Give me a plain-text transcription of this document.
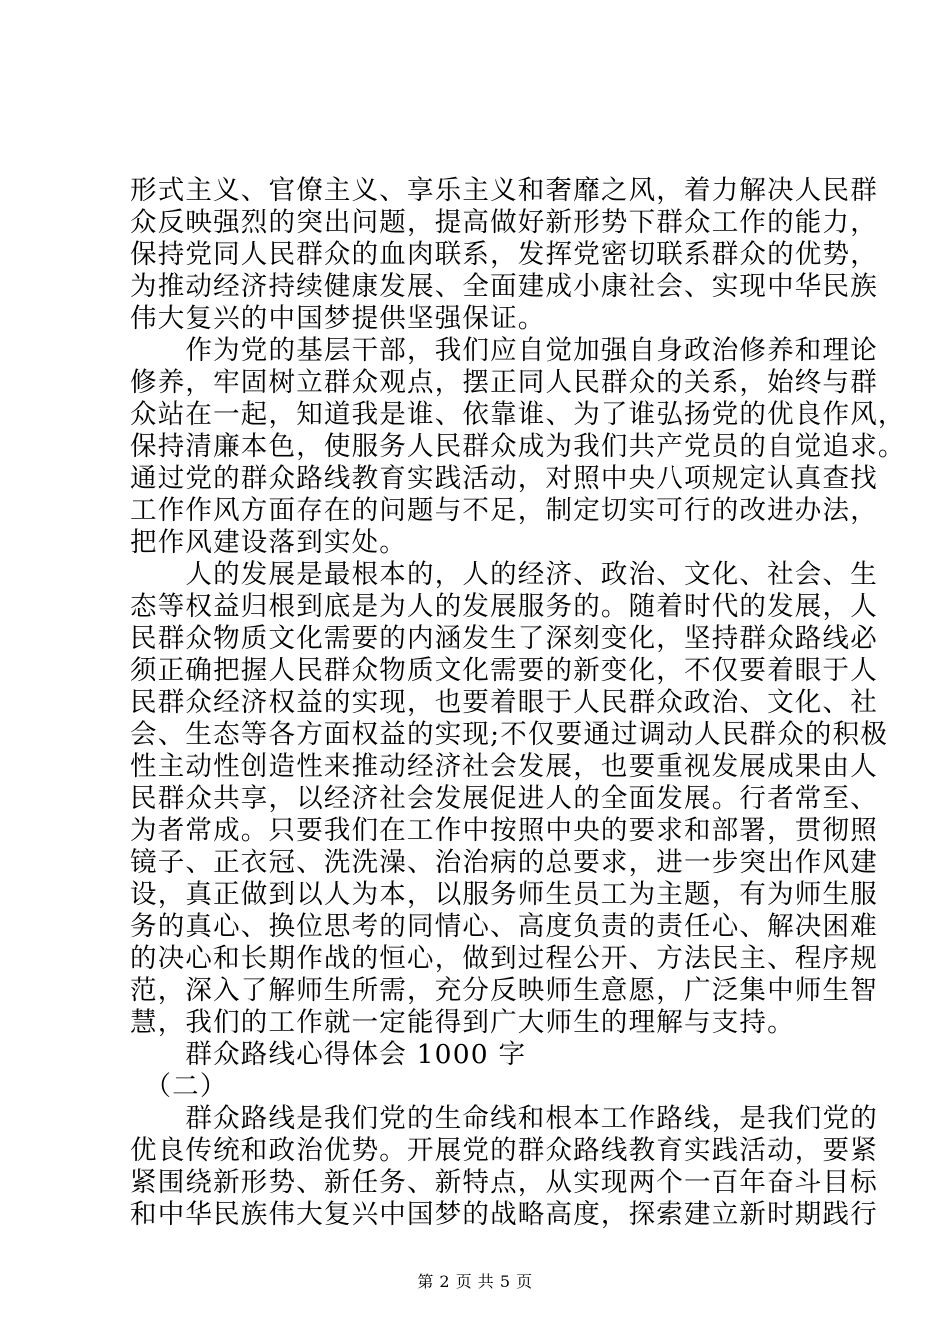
形式主义、官僚主义、享乐主义和奢靡之风，着力解决人民群
众反映强烈的突出问题，提高做好新形势下群众工作的能力，
保持党同人民群众的血肉联系，发挥党密切联系群众的优势，
为推动经济持续健康发展、全面建成小康社会、实现中华民族
伟大复兴的中国梦提供坚强保证。
　　作为党的基层干部，我们应自觉加强自身政治修养和理论
修养，牢固树立群众观点，摆正同人民群众的关系，始终与群
众站在一起，知道我是谁、依靠谁、为了谁弘扬党的优良作风，
保持清廉本色，使服务人民群众成为我们共产党员的自觉追求。
通过党的群众路线教育实践活动，对照中央八项规定认真查找
工作作风方面存在的问题与不足，制定切实可行的改进办法，
把作风建设落到实处。
　　人的发展是最根本的，人的经济、政治、文化、社会、生
态等权益归根到底是为人的发展服务的。随着时代的发展，人
民群众物质文化需要的内涵发生了深刻变化，坚持群众路线必
须正确把握人民群众物质文化需要的新变化，不仅要着眼于人
民群众经济权益的实现，也要着眼于人民群众政治、文化、社
会、生态等各方面权益的实现;不仅要通过调动人民群众的积极
性主动性创造性来推动经济社会发展，也要重视发展成果由人
民群众共享，以经济社会发展促进人的全面发展。行者常至、
为者常成。只要我们在工作中按照中央的要求和部署，贯彻照
镜子、正衣冠、洗洗澡、治治病的总要求，进一步突出作风建
设，真正做到以人为本，以服务师生员工为主题，有为师生服
务的真心、换位思考的同情心、高度负责的责任心、解决困难
的决心和长期作战的恒心，做到过程公开、方法民主、程序规
范，深入了解师生所需，充分反映师生意愿，广泛集中师生智
慧，我们的工作就一定能得到广大师生的理解与支持。
　　群众路线心得体会 1000 字
　（二）
　　群众路线是我们党的生命线和根本工作路线，是我们党的
优良传统和政治优势。开展党的群众路线教育实践活动，要紧
紧围绕新形势、新任务、新特点，从实现两个一百年奋斗目标
和中华民族伟大复兴中国梦的战略高度，探索建立新时期践行
第 2 页 共 5 页
